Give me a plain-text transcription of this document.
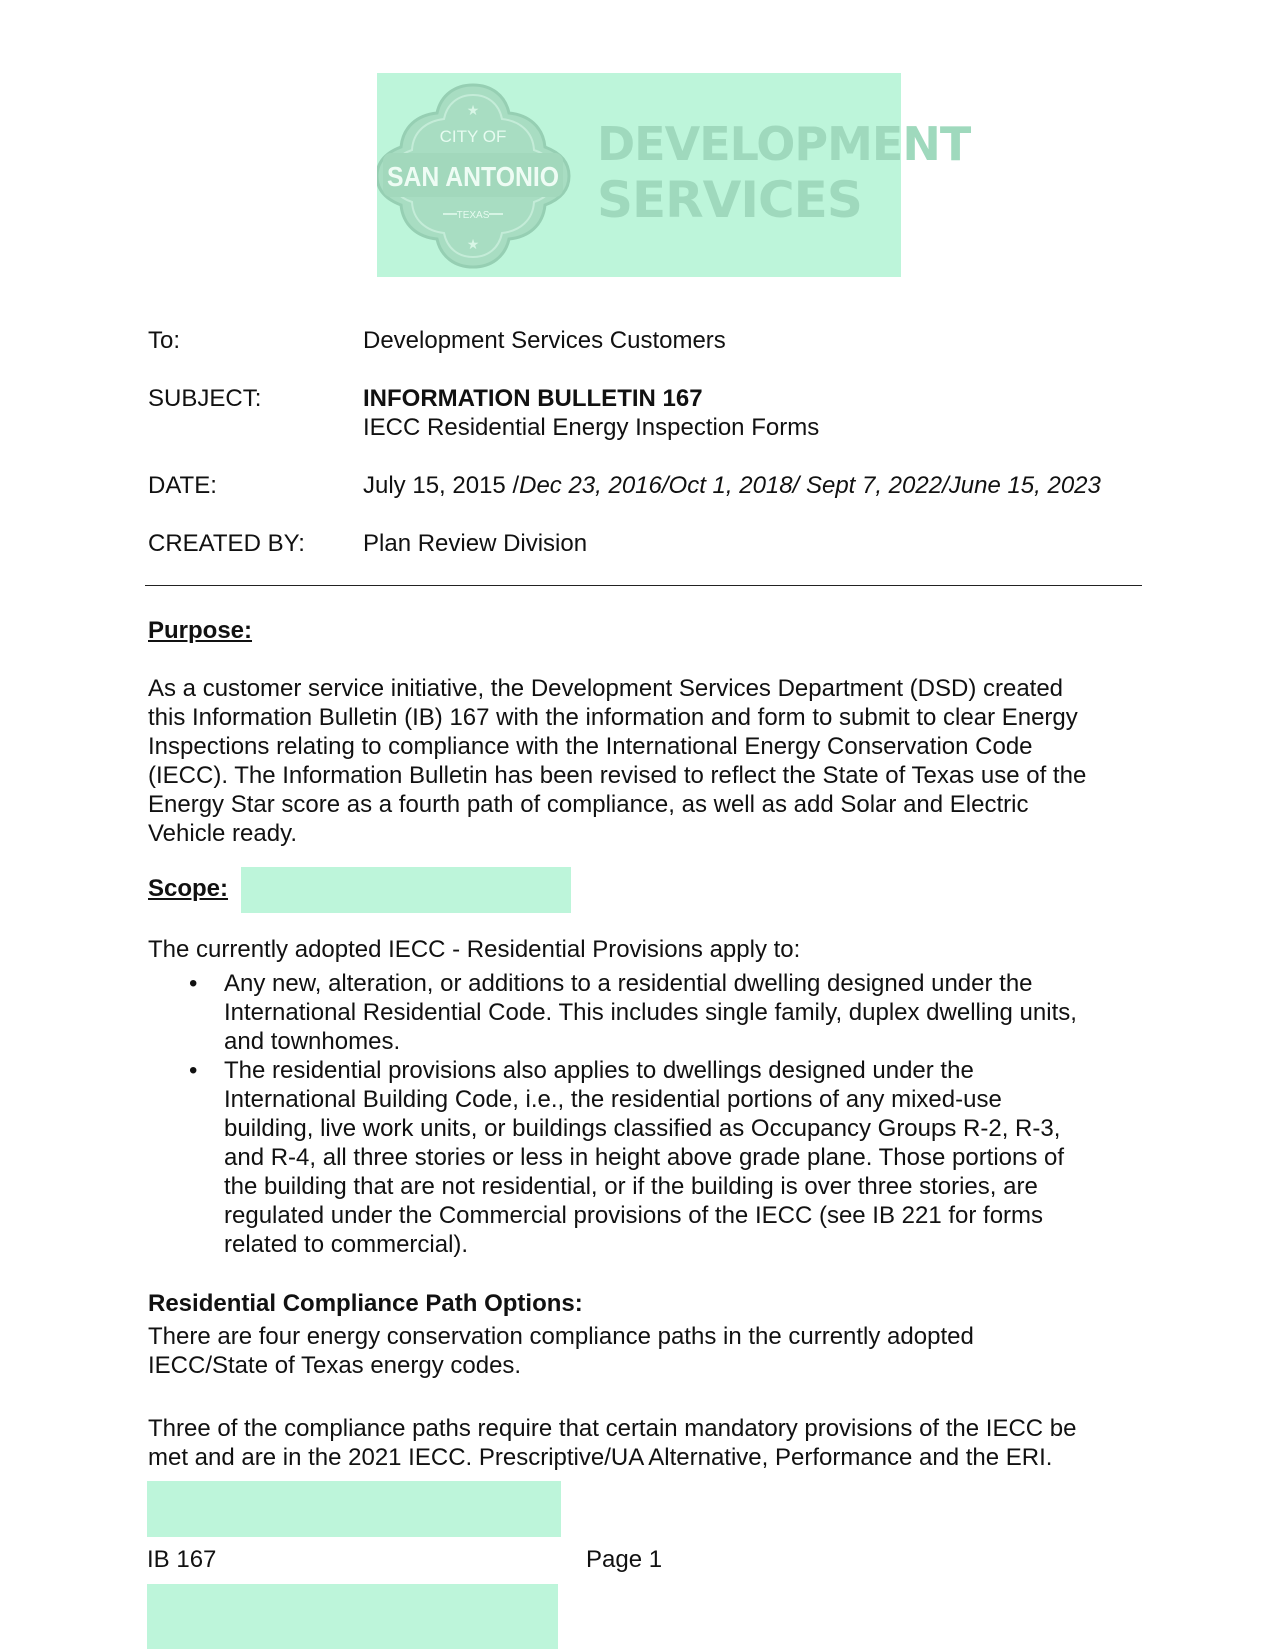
★
★
CITY OF
SAN ANTONIO
TEXAS
DEVELOPMENT
SERVICES
To:	Development Services Customers
SUBJECT:	INFORMATION BULLETIN 167
IECC Residential Energy Inspection Forms
DATE:	July 15, 2015 /Dec 23, 2016/Oct 1, 2018/ Sept 7, 2022/June 15, 2023
CREATED BY: Plan Review Division
Purpose:
As a customer service initiative, the Development Services Department (DSD) created
this Information Bulletin (IB) 167 with the information and form to submit to clear Energy
Inspections relating to compliance with the International Energy Conservation Code
(IECC). The Information Bulletin has been revised to reflect the State of Texas use of the
Energy Star score as a fourth path of compliance, as well as add Solar and Electric
Vehicle ready.
Scope:
The currently adopted IECC - Residential Provisions apply to:
• Any new, alteration, or additions to a residential dwelling designed under the
International Residential Code. This includes single family, duplex dwelling units,
and townhomes.
• The residential provisions also applies to dwellings designed under the
International Building Code, i.e., the residential portions of any mixed-use
building, live work units, or buildings classified as Occupancy Groups R-2, R-3,
and R-4, all three stories or less in height above grade plane. Those portions of
the building that are not residential, or if the building is over three stories, are
regulated under the Commercial provisions of the IECC (see IB 221 for forms
related to commercial).
Residential Compliance Path Options:
There are four energy conservation compliance paths in the currently adopted
IECC/State of Texas energy codes.
Three of the compliance paths require that certain mandatory provisions of the IECC be
met and are in the 2021 IECC. Prescriptive/UA Alternative, Performance and the ERI.
IB 167	Page 1
